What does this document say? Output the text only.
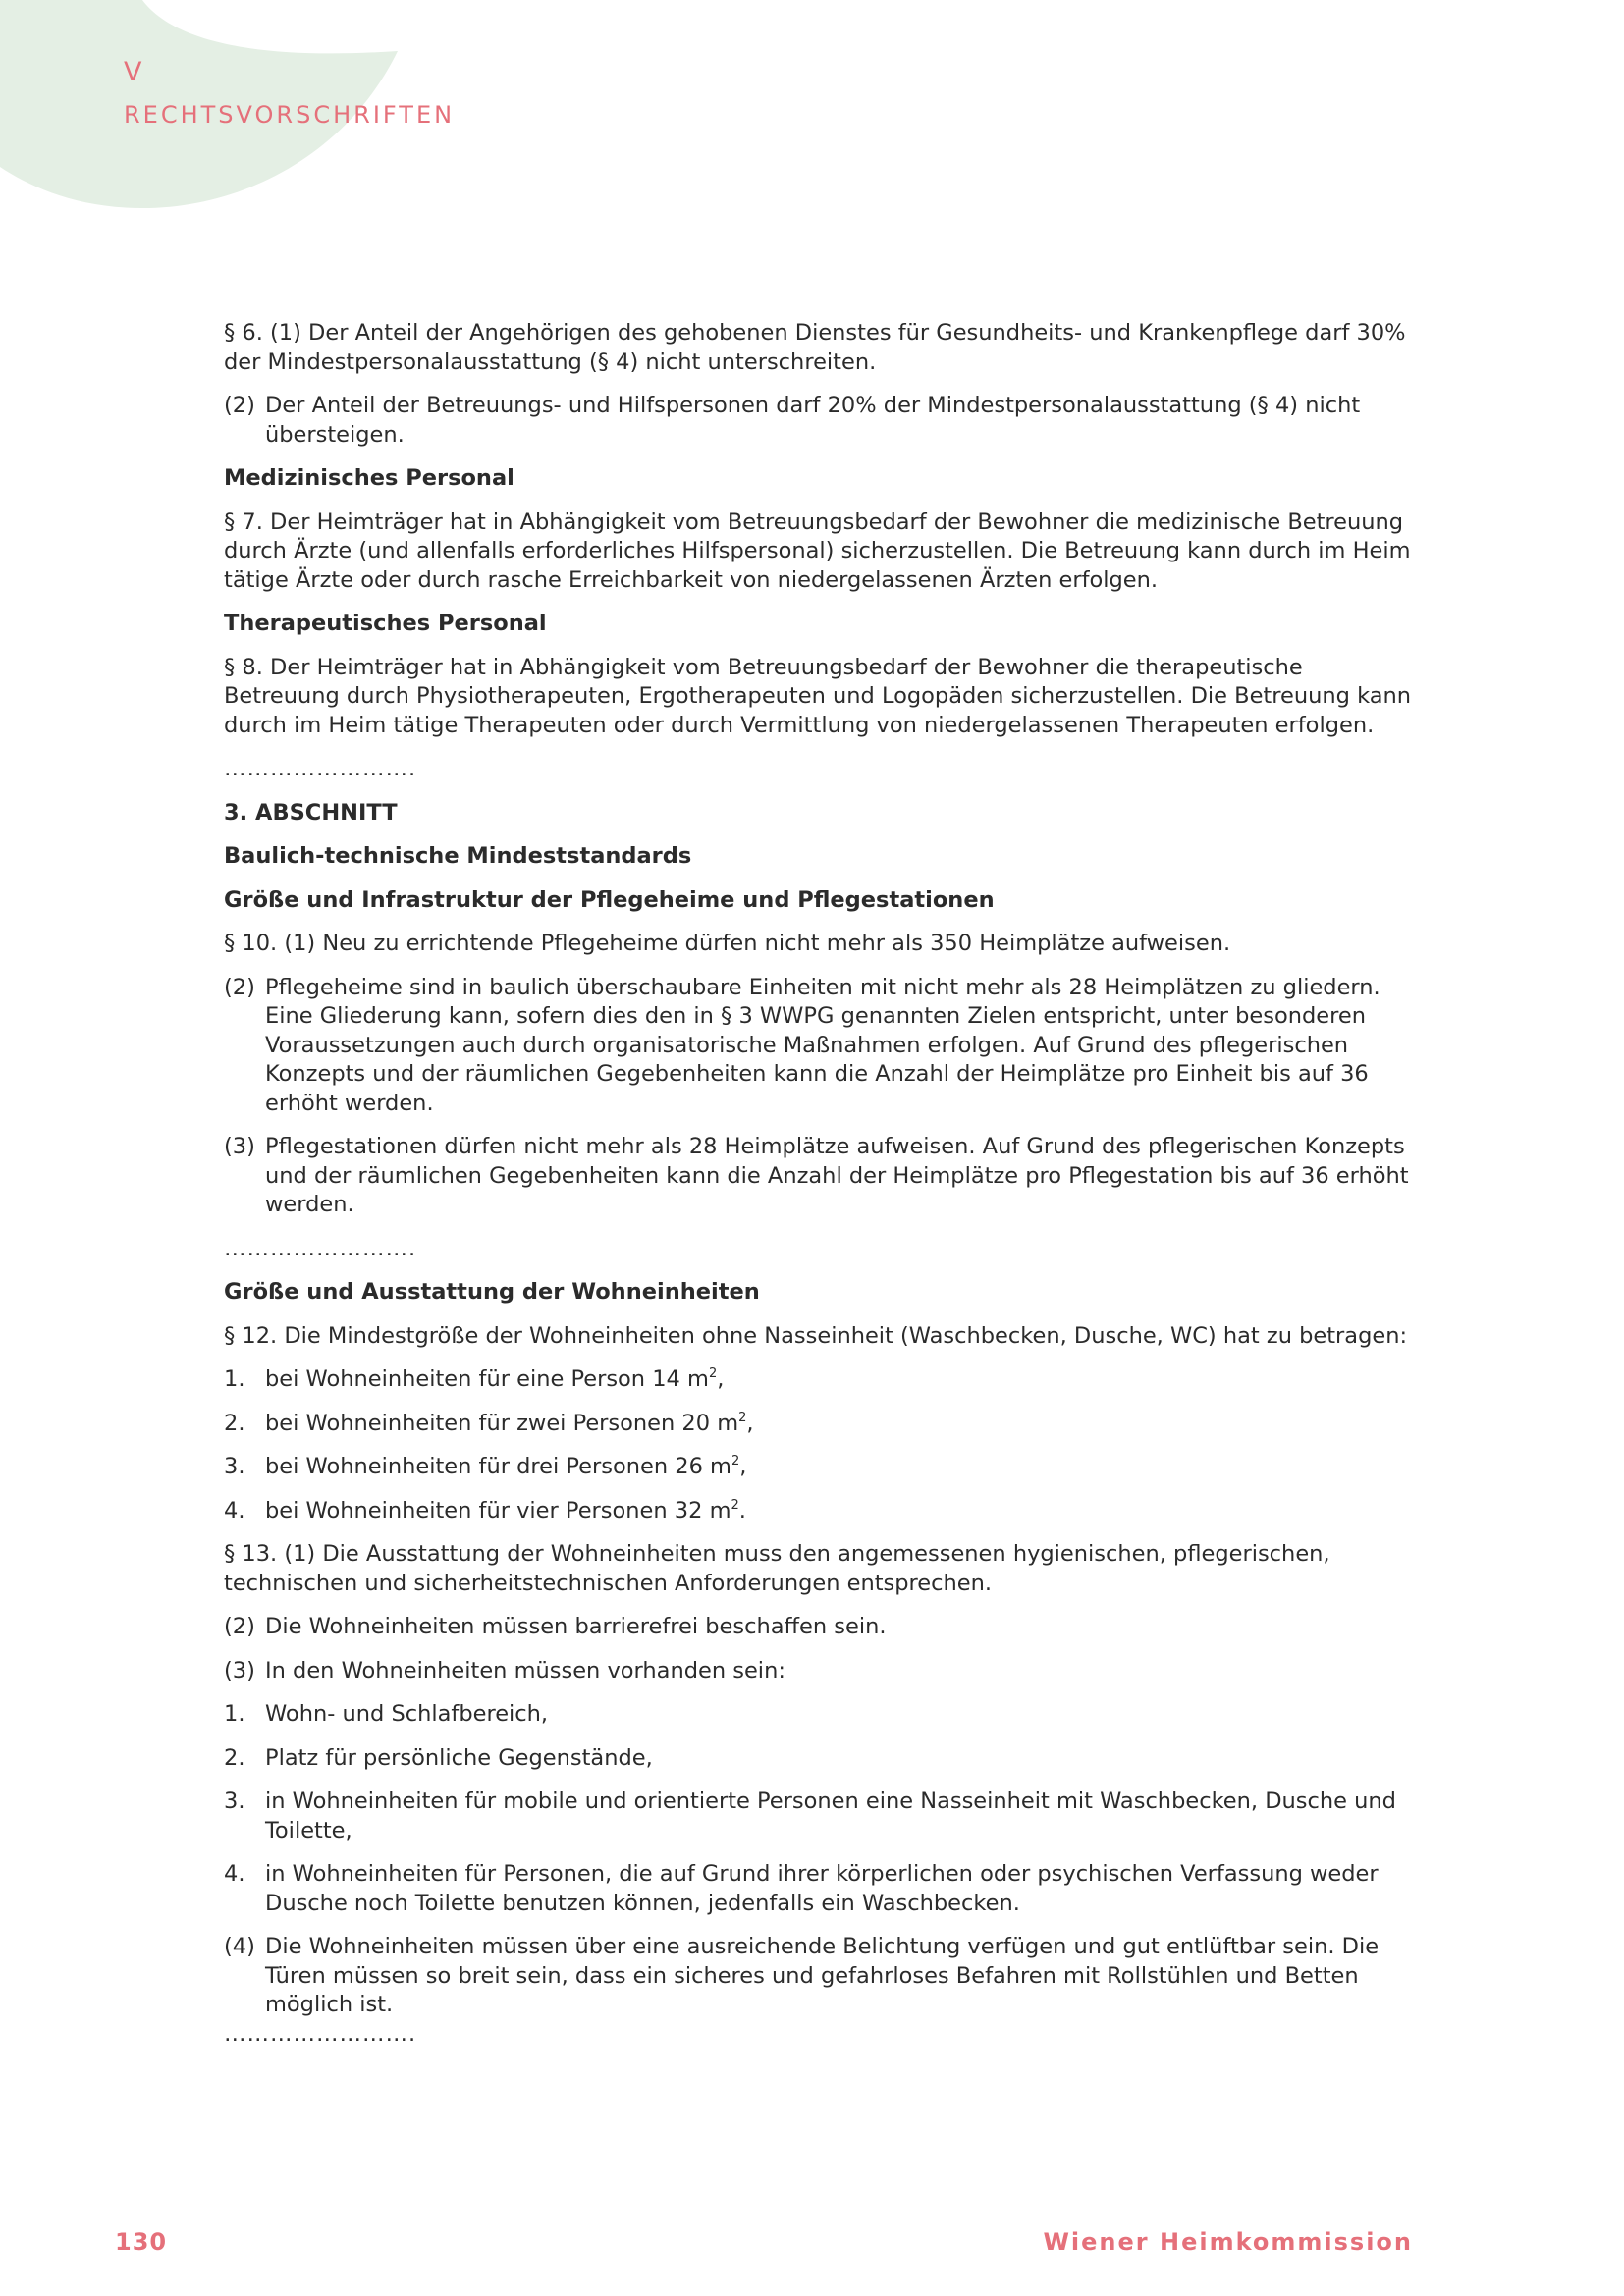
V
RECHTSVORSCHRIFTEN

§ 6. (1) Der Anteil der Angehörigen des gehobenen Dienstes für Gesundheits- und Krankenpflege darf 30% der Mindestpersonalausstattung (§ 4) nicht unterschreiten.

(2) Der Anteil der Betreuungs- und Hilfspersonen darf 20% der Mindestpersonalausstattung (§ 4) nicht übersteigen.

Medizinisches Personal

§ 7. Der Heimträger hat in Abhängigkeit vom Betreuungsbedarf der Bewohner die medizinische Betreuung durch Ärzte (und allenfalls erforderliches Hilfspersonal) sicherzustellen. Die Betreuung kann durch im Heim tätige Ärzte oder durch rasche Erreichbarkeit von niedergelassenen Ärzten erfolgen.

Therapeutisches Personal

§ 8. Der Heimträger hat in Abhängigkeit vom Betreuungsbedarf der Bewohner die therapeutische Betreuung durch Physiotherapeuten, Ergotherapeuten und Logopäden sicherzustellen. Die Betreuung kann durch im Heim tätige Therapeuten oder durch Vermittlung von niedergelassenen Therapeuten erfolgen.

…………………….

3. ABSCHNITT

Baulich-technische Mindeststandards

Größe und Infrastruktur der Pflegeheime und Pflegestationen

§ 10. (1) Neu zu errichtende Pflegeheime dürfen nicht mehr als 350 Heimplätze aufweisen.

(2) Pflegeheime sind in baulich überschaubare Einheiten mit nicht mehr als 28 Heimplätzen zu gliedern. Eine Gliederung kann, sofern dies den in § 3 WWPG genannten Zielen entspricht, unter besonderen Voraussetzungen auch durch organisatorische Maßnahmen erfolgen. Auf Grund des pflegerischen Konzepts und der räumlichen Gegebenheiten kann die Anzahl der Heimplätze pro Einheit bis auf 36 erhöht werden.
(3) Pflegestationen dürfen nicht mehr als 28 Heimplätze aufweisen. Auf Grund des pflegerischen Konzepts und der räumlichen Gegebenheiten kann die Anzahl der Heimplätze pro Pflegestation bis auf 36 erhöht werden.

…………………….

Größe und Ausstattung der Wohneinheiten

§ 12. Die Mindestgröße der Wohneinheiten ohne Nasseinheit (Waschbecken, Dusche, WC) hat zu betragen:

1. bei Wohneinheiten für eine Person 14 $m^2$,
2. bei Wohneinheiten für zwei Personen 20 $m^2$,
3. bei Wohneinheiten für drei Personen 26 $m^2$,
4. bei Wohneinheiten für vier Personen 32 $m^2$.

§ 13. (1) Die Ausstattung der Wohneinheiten muss den angemessenen hygienischen, pflegerischen, technischen und sicherheitstechnischen Anforderungen entsprechen.

(2) Die Wohneinheiten müssen barrierefrei beschaffen sein.
(3) In den Wohneinheiten müssen vorhanden sein:
1. Wohn- und Schlafbereich,
2. Platz für persönliche Gegenstände,
3. in Wohneinheiten für mobile und orientierte Personen eine Nasseinheit mit Waschbecken, Dusche und Toilette,
4. in Wohneinheiten für Personen, die auf Grund ihrer körperlichen oder psychischen Verfassung weder Dusche noch Toilette benutzen können, jedenfalls ein Waschbecken.
(4) Die Wohneinheiten müssen über eine ausreichende Belichtung verfügen und gut entlüftbar sein. Die Türen müssen so breit sein, dass ein sicheres und gefahrloses Befahren mit Rollstühlen und Betten möglich ist.

…………………….

130	Wiener Heimkommission
